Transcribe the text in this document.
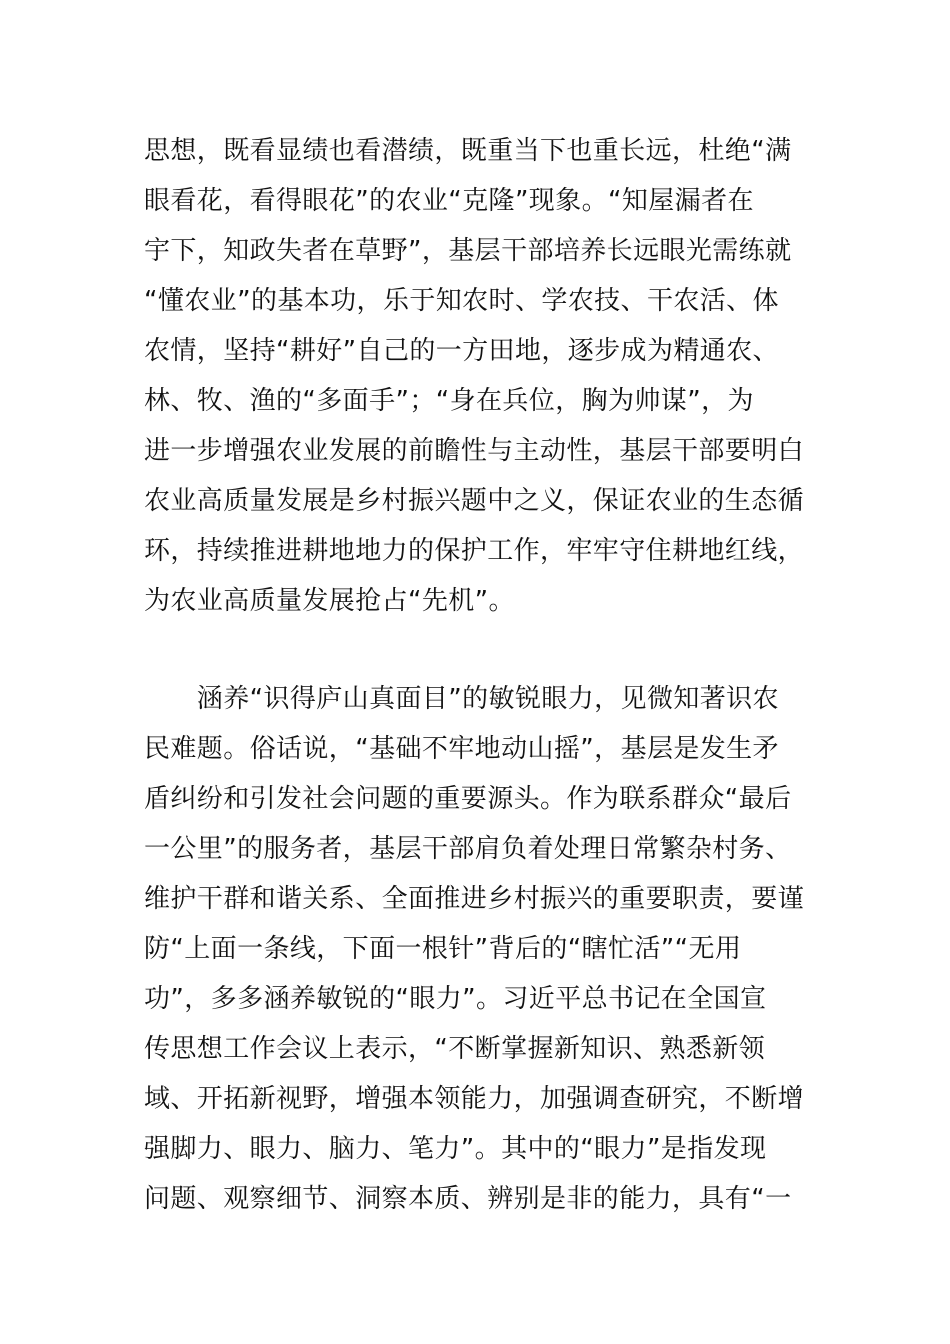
思想，既看显绩也看潜绩，既重当下也重长远，杜绝“满
眼看花，看得眼花”的农业“克隆”现象。“知屋漏者在
宇下，知政失者在草野”，基层干部培养长远眼光需练就
“懂农业”的基本功，乐于知农时、学农技、干农活、体
农情，坚持“耕好”自己的一方田地，逐步成为精通农、
林、牧、渔的“多面手”；“身在兵位，胸为帅谋”，为
进一步增强农业发展的前瞻性与主动性，基层干部要明白
农业高质量发展是乡村振兴题中之义，保证农业的生态循
环，持续推进耕地地力的保护工作，牢牢守住耕地红线，
为农业高质量发展抢占“先机”。
　　涵养“识得庐山真面目”的敏锐眼力，见微知著识农
民难题。俗话说，“基础不牢地动山摇”，基层是发生矛
盾纠纷和引发社会问题的重要源头。作为联系群众“最后
一公里”的服务者，基层干部肩负着处理日常繁杂村务、
维护干群和谐关系、全面推进乡村振兴的重要职责，要谨
防“上面一条线，下面一根针”背后的“瞎忙活”“无用
功”，多多涵养敏锐的“眼力”。习近平总书记在全国宣
传思想工作会议上表示，“不断掌握新知识、熟悉新领
域、开拓新视野，增强本领能力，加强调查研究，不断增
强脚力、眼力、脑力、笔力”。其中的“眼力”是指发现
问题、观察细节、洞察本质、辨别是非的能力，具有“一
